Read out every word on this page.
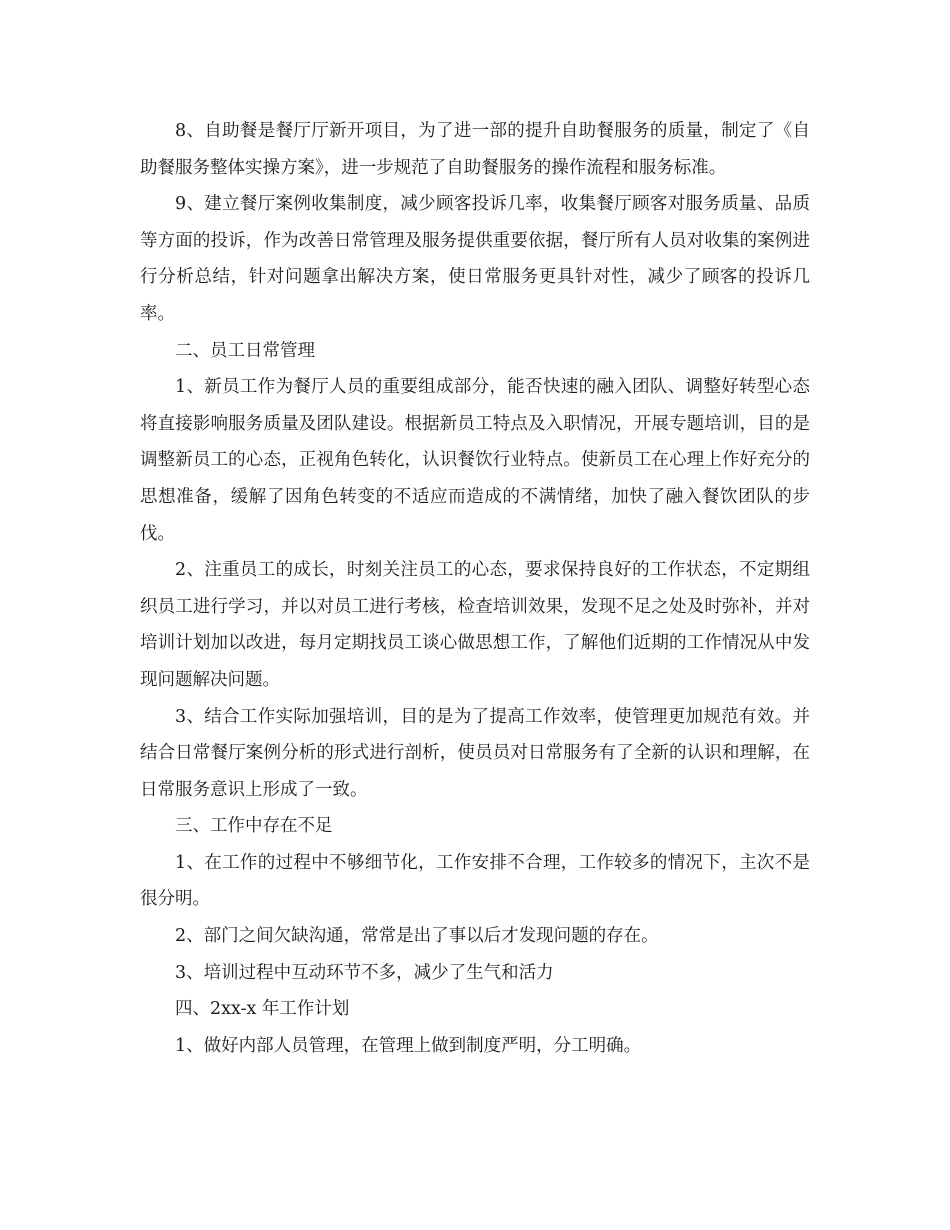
8、自助餐是餐厅厅新开项目，为了进一部的提升自助餐服务的质量，制定了《自助餐服务整体实操方案》，进一步规范了自助餐服务的操作流程和服务标准。

9、建立餐厅案例收集制度，减少顾客投诉几率，收集餐厅顾客对服务质量、品质等方面的投诉，作为改善日常管理及服务提供重要依据，餐厅所有人员对收集的案例进行分析总结，针对问题拿出解决方案，使日常服务更具针对性，减少了顾客的投诉几率。

二、员工日常管理

1、新员工作为餐厅人员的重要组成部分，能否快速的融入团队、调整好转型心态将直接影响服务质量及团队建设。根据新员工特点及入职情况，开展专题培训，目的是调整新员工的心态，正视角色转化，认识餐饮行业特点。使新员工在心理上作好充分的思想准备，缓解了因角色转变的不适应而造成的不满情绪，加快了融入餐饮团队的步伐。

2、注重员工的成长，时刻关注员工的心态，要求保持良好的工作状态，不定期组织员工进行学习，并以对员工进行考核，检查培训效果，发现不足之处及时弥补，并对培训计划加以改进，每月定期找员工谈心做思想工作，了解他们近期的工作情况从中发现问题解决问题。

3、结合工作实际加强培训，目的是为了提高工作效率，使管理更加规范有效。并结合日常餐厅案例分析的形式进行剖析，使员员对日常服务有了全新的认识和理解，在日常服务意识上形成了一致。

三、工作中存在不足

1、在工作的过程中不够细节化，工作安排不合理，工作较多的情况下，主次不是很分明。

2、部门之间欠缺沟通，常常是出了事以后才发现问题的存在。

3、培训过程中互动环节不多，减少了生气和活力

四、2xx-x 年工作计划

1、做好内部人员管理，在管理上做到制度严明，分工明确。
